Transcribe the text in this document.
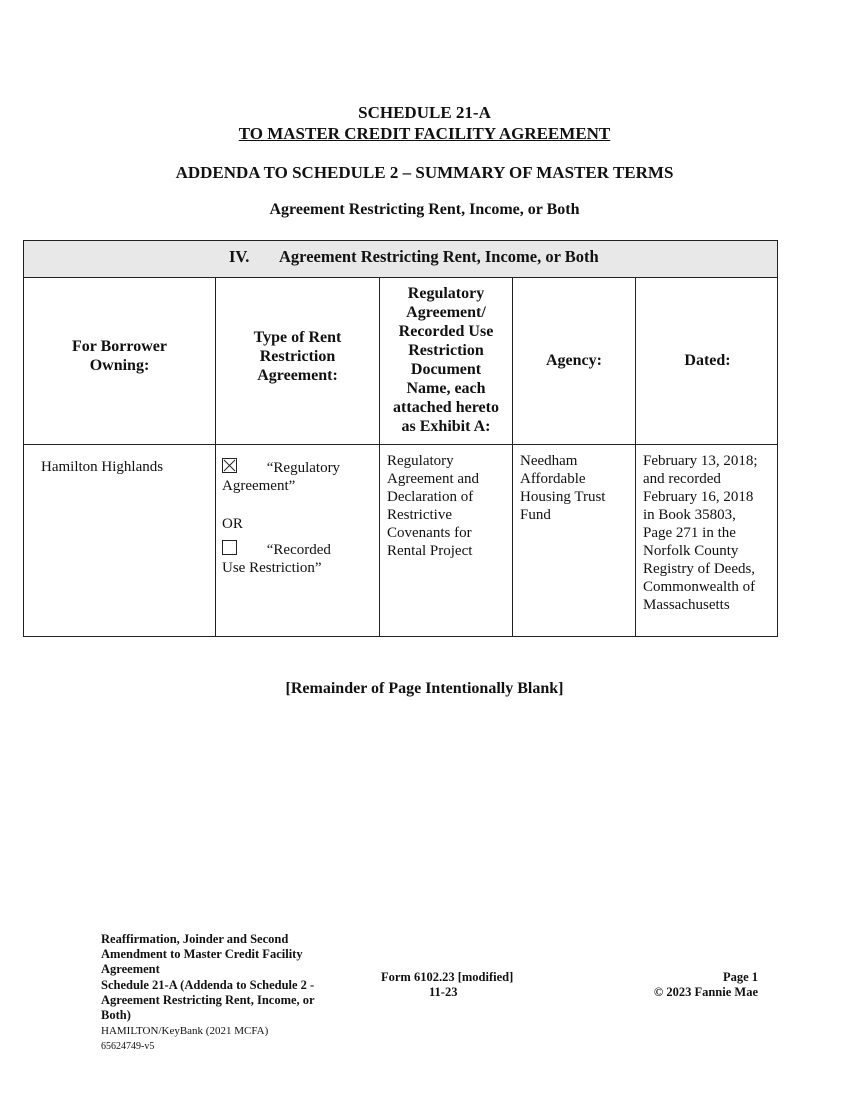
SCHEDULE 21-A
TO MASTER CREDIT FACILITY AGREEMENT
ADDENDA TO SCHEDULE 2 – SUMMARY OF MASTER TERMS
Agreement Restricting Rent, Income, or Both
IV. Agreement Restricting Rent, Income, or Both
For Borrower
Owning:
Type of Rent
Restriction
Agreement:
Regulatory
Agreement/
Recorded Use
Restriction
Document
Name, each
attached hereto
as Exhibit A:
Agency:	Dated:
Hamilton Highlands	“Regulatory
Agreement”
OR
“Recorded
Use Restriction”
Regulatory
Agreement and
Declaration of
Restrictive
Covenants for
Rental Project
Needham
Affordable
Housing Trust
Fund
February 13, 2018;
and recorded
February 16, 2018
in Book 35803,
Page 271 in the
Norfolk County
Registry of Deeds,
Commonwealth of
Massachusetts
[Remainder of Page Intentionally Blank]
Reaffirmation, Joinder and Second
Amendment to Master Credit Facility
Agreement
Schedule 21-A (Addenda to Schedule 2 -
Agreement Restricting Rent, Income, or
Both)
HAMILTON/KeyBank (2021 MCFA)
65624749-v5
Form 6102.23 [modified]
11-23
Page 1
© 2023 Fannie Mae
